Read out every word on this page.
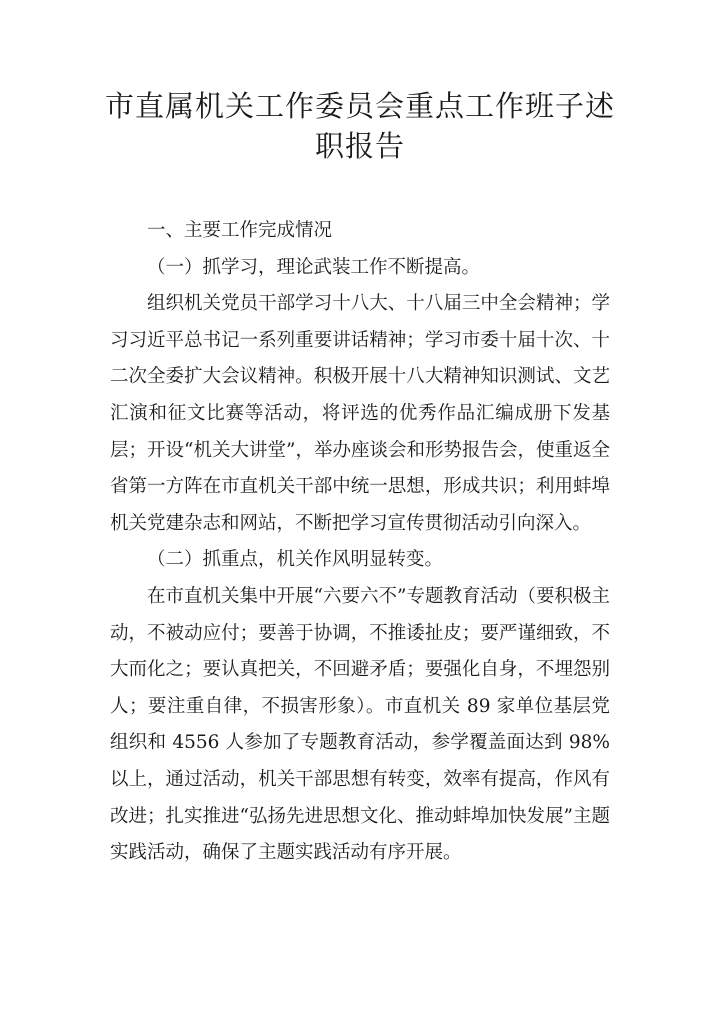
市直属机关工作委员会重点工作班子述职报告

一、主要工作完成情况

（一）抓学习，理论武装工作不断提高。

组织机关党员干部学习十八大、十八届三中全会精神；学习习近平总书记一系列重要讲话精神；学习市委十届十次、十二次全委扩大会议精神。积极开展十八大精神知识测试、文艺汇演和征文比赛等活动，将评选的优秀作品汇编成册下发基层；开设“机关大讲堂”，举办座谈会和形势报告会，使重返全省第一方阵在市直机关干部中统一思想，形成共识；利用蚌埠机关党建杂志和网站，不断把学习宣传贯彻活动引向深入。

（二）抓重点，机关作风明显转变。

在市直机关集中开展“六要六不”专题教育活动（要积极主动，不被动应付；要善于协调，不推诿扯皮；要严谨细致，不大而化之；要认真把关，不回避矛盾；要强化自身，不埋怨别人；要注重自律，不损害形象）。市直机关 89 家单位基层党组织和 4556 人参加了专题教育活动，参学覆盖面达到 98%以上，通过活动，机关干部思想有转变，效率有提高，作风有改进；扎实推进“弘扬先进思想文化、推动蚌埠加快发展”主题实践活动，确保了主题实践活动有序开展。
